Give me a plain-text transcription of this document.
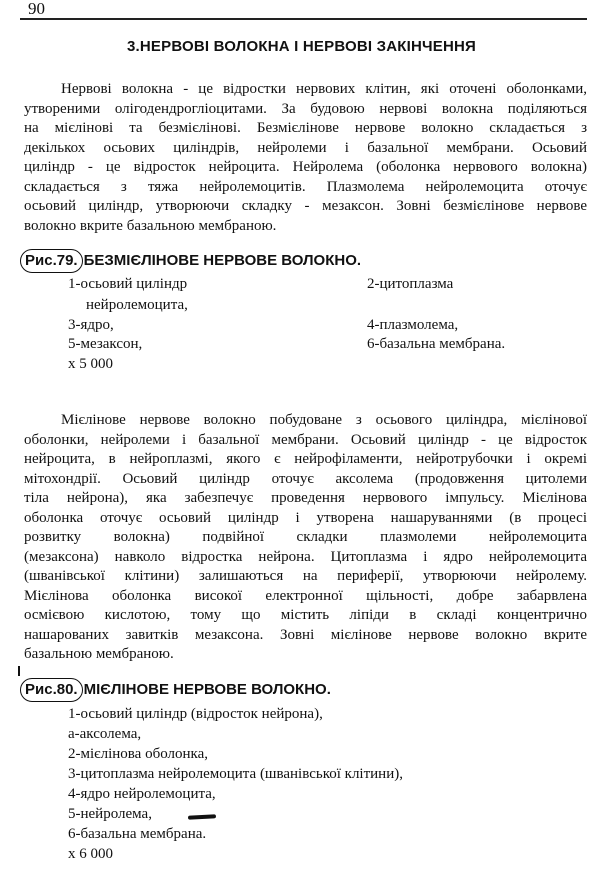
90
3.НЕРВОВІ ВОЛОКНА І НЕРВОВІ ЗАКІНЧЕННЯ

Нервові волокна - це відростки нервових клітин, які оточені оболонками,
утвореними олігодендрогліоцитами. За будовою нервові волокна поділяються
на мієлінові та безмієлінові. Безмієлінове нервове волокно складається з
декількох осьових циліндрів, нейролеми і базальної мембрани. Осьовий
циліндр - це відросток нейроцита. Нейролема (оболонка нервового волокна)
складається з тяжа нейролемоцитів. Плазмолема нейролемоцита оточує
осьовий циліндр, утворюючи складку - мезаксон. Зовні безмієлінове нервове
волокно вкрите базальною мембраною.

Рис.79. БЕЗМІЄЛІНОВЕ НЕРВОВЕ ВОЛОКНО.
1-осьовий циліндр
нейролемоцита,
3-ядро,
5-мезаксон,
х 5 000
2-цитоплазма
4-плазмолема,
6-базальна мембрана.

Мієлінове нервове волокно побудоване з осьового циліндра, мієлінової
оболонки, нейролеми і базальної мембрани. Осьовий циліндр - це відросток
нейроцита, в нейроплазмі, якого є нейрофіламенти, нейротрубочки і окремі
мітохондрії. Осьовий циліндр оточує аксолема (продовження цитолеми
тіла нейрона), яка забезпечує проведення нервового імпульсу. Мієлінова
оболонка оточує осьовий циліндр і утворена нашаруваннями (в процесі
розвитку волокна) подвійної складки плазмолеми нейролемоцита
(мезаксона) навколо відростка нейрона. Цитоплазма і ядро нейролемоцита
(шванівської клітини) залишаються на периферії, утворюючи нейролему.
Мієлінова оболонка високої електронної щільності, добре забарвлена
осмієвою кислотою, тому що містить ліпіди в складі концентрично
нашарованих завитків мезаксона. Зовні мієлінове нервове волокно вкрите
базальною мембраною.

Рис.80. МІЄЛІНОВЕ НЕРВОВЕ ВОЛОКНО.
1-осьовий циліндр (відросток нейрона),
а-аксолема,
2-мієлінова оболонка,
3-цитоплазма нейролемоцита (шванівської клітини),
4-ядро нейролемоцита,
5-нейролема,
6-базальна мембрана.
х 6 000
